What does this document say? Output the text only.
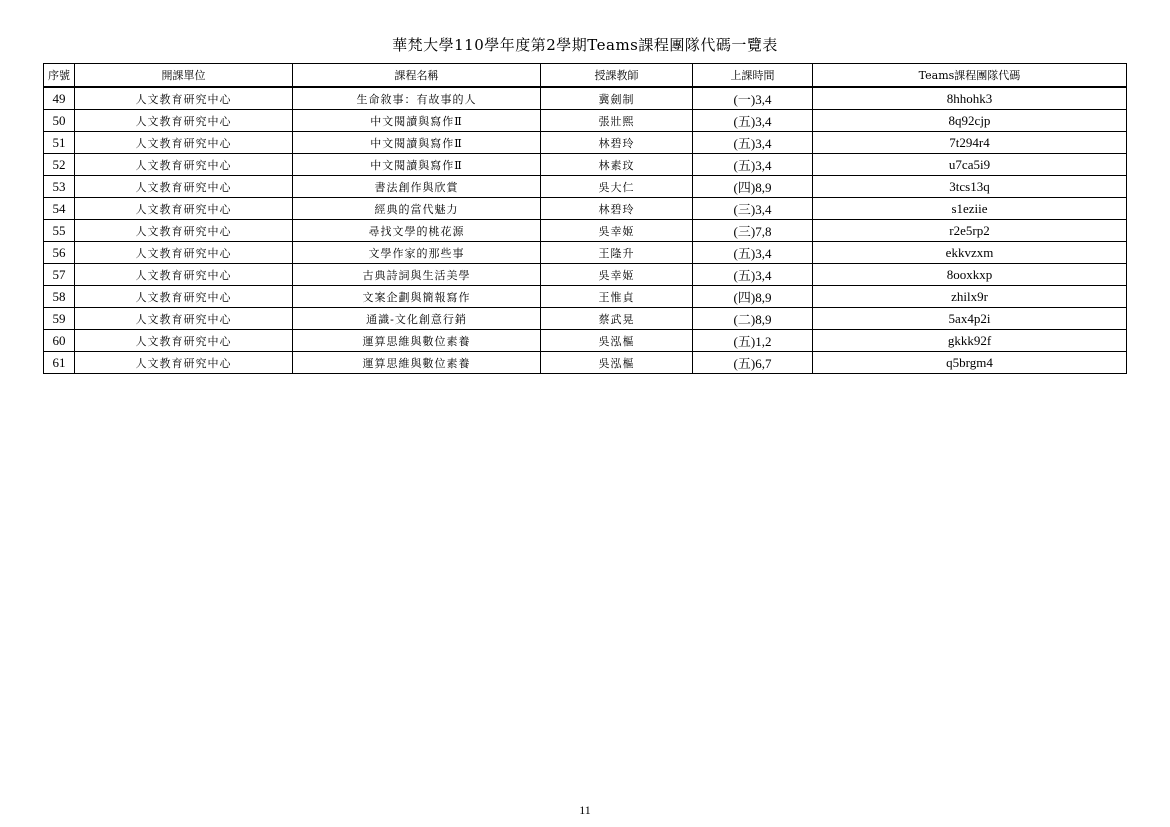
華梵大學110學年度第2學期Teams課程團隊代碼一覽表
序號	開課單位	課程名稱	授課教師	上課時間	Teams課程團隊代碼
49	人文教育研究中心	生命敘事：有故事的人	冀劍制	(一)3,4	8hhohk3
50	人文教育研究中心	中文閱讀與寫作Ⅱ	張壯熙	(五)3,4	8q92cjp
51	人文教育研究中心	中文閱讀與寫作Ⅱ	林碧玲	(五)3,4	7t294r4
52	人文教育研究中心	中文閱讀與寫作Ⅱ	林素玟	(五)3,4	u7ca5i9
53	人文教育研究中心	書法創作與欣賞	吳大仁	(四)8,9	3tcs13q
54	人文教育研究中心	經典的當代魅力	林碧玲	(三)3,4	s1eziie
55	人文教育研究中心	尋找文學的桃花源	吳幸姬	(三)7,8	r2e5rp2
56	人文教育研究中心	文學作家的那些事	王隆升	(五)3,4	ekkvzxm
57	人文教育研究中心	古典詩詞與生活美學	吳幸姬	(五)3,4	8ooxkxp
58	人文教育研究中心	文案企劃與簡報寫作	王惟貞	(四)8,9	zhilx9r
59	人文教育研究中心	通識-文化創意行銷	蔡武晃	(二)8,9	5ax4p2i
60	人文教育研究中心	運算思維與數位素養	吳泓樞	(五)1,2	gkkk92f
61	人文教育研究中心	運算思維與數位素養	吳泓樞	(五)6,7	q5brgm4
11
